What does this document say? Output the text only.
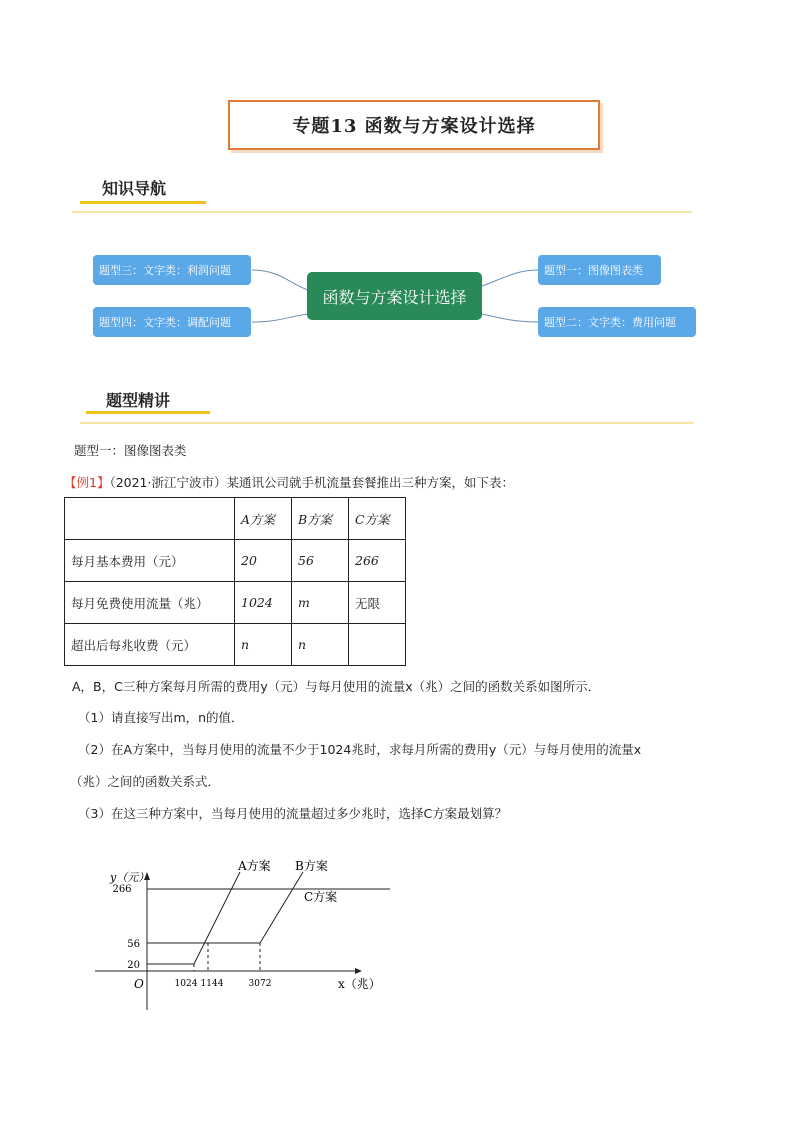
专题13 函数与方案设计选择
知识导航
题型三：文字类：利润问题
题型四：文字类：调配问题
函数与方案设计选择
题型一：图像图表类
题型二：文字类：费用问题
题型精讲
题型一：图像图表类
【例1】（2021·浙江宁波市）某通讯公司就手机流量套餐推出三种方案，如下表：
	A方案	B方案	C方案
每月基本费用（元）	20	56	266
每月免费使用流量（兆）	1024	m	无限
超出后每兆收费（元）	n	n	
A，B，C三种方案每月所需的费用y（元）与每月使用的流量x（兆）之间的函数关系如图所示．
（1）请直接写出m，n的值．
（2）在A方案中，当每月使用的流量不少于1024兆时，求每月所需的费用y（元）与每月使用的流量x
（兆）之间的函数关系式．
（3）在这三种方案中，当每月使用的流量超过多少兆时，选择C方案最划算？
y（元）
266
56
20
O	1024 1144	3072	x（兆）
A方案 B方案
C方案
